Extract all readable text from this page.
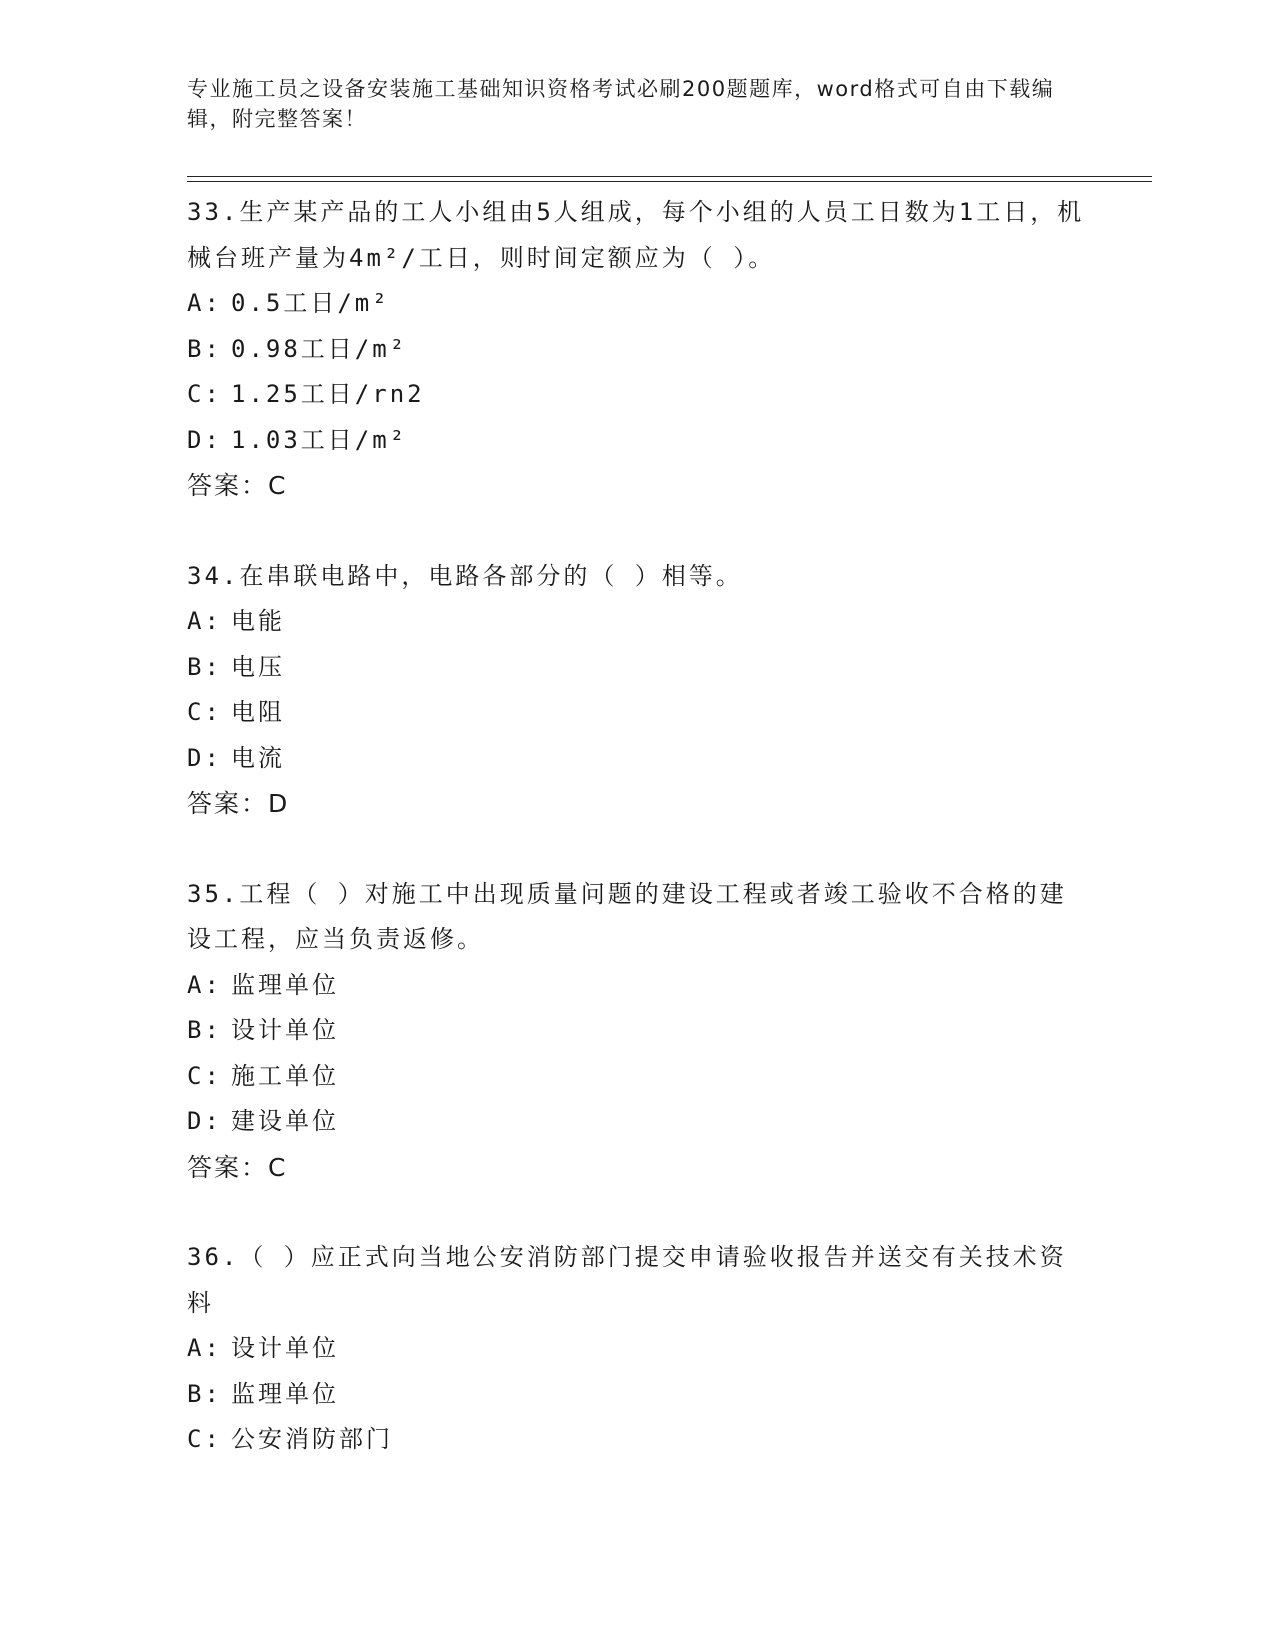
专业施工员之设备安装施工基础知识资格考试必刷200题题库，word格式可自由下载编辑，附完整答案！

33.生产某产品的工人小组由5人组成，每个小组的人员工日数为1工日，机械台班产量为4m²/工日，则时间定额应为（ ）。

A: 0.5工日/m²

B: 0.98工日/m²

C: 1.25工日/rn2

D: 1.03工日/m²

答案：C

34.在串联电路中，电路各部分的（ ）相等。

A: 电能

B: 电压

C: 电阻

D: 电流

答案：D

35.工程（ ）对施工中出现质量问题的建设工程或者竣工验收不合格的建设工程，应当负责返修。

A: 监理单位

B: 设计单位

C: 施工单位

D: 建设单位

答案：C

36.（ ）应正式向当地公安消防部门提交申请验收报告并送交有关技术资料

A: 设计单位

B: 监理单位

C: 公安消防部门
